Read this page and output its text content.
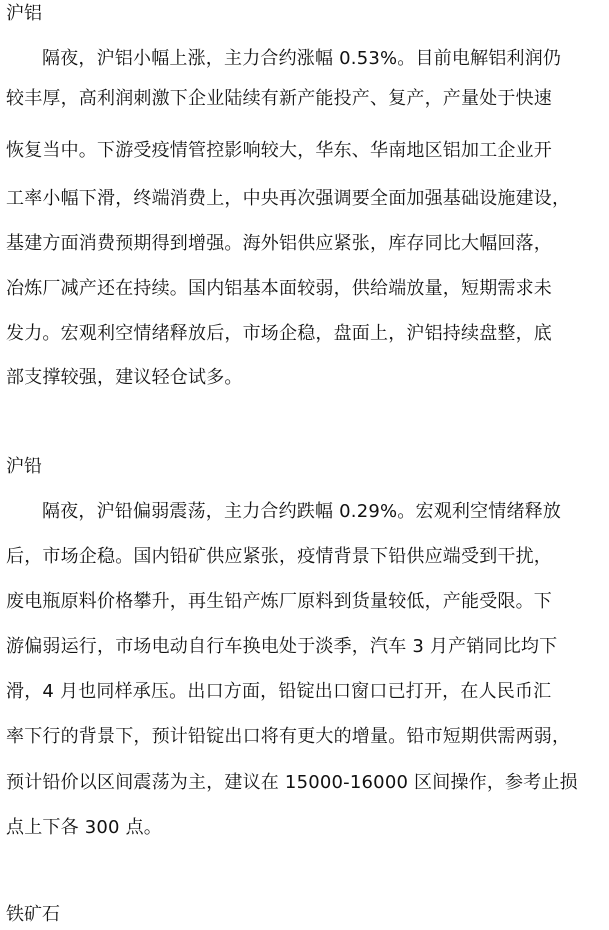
沪铝
隔夜，沪铝小幅上涨，主力合约涨幅 0.53%。目前电解铝利润仍
较丰厚，高利润刺激下企业陆续有新产能投产、复产，产量处于快速
恢复当中。下游受疫情管控影响较大，华东、华南地区铝加工企业开
工率小幅下滑，终端消费上，中央再次强调要全面加强基础设施建设，
基建方面消费预期得到增强。海外铝供应紧张，库存同比大幅回落，
冶炼厂减产还在持续。国内铝基本面较弱，供给端放量，短期需求未
发力。宏观利空情绪释放后，市场企稳，盘面上，沪铝持续盘整，底
部支撑较强，建议轻仓试多。
沪铅
隔夜，沪铅偏弱震荡，主力合约跌幅 0.29%。宏观利空情绪释放
后，市场企稳。国内铅矿供应紧张，疫情背景下铅供应端受到干扰，
废电瓶原料价格攀升，再生铅产炼厂原料到货量较低，产能受限。下
游偏弱运行，市场电动自行车换电处于淡季，汽车 3 月产销同比均下
滑，4 月也同样承压。出口方面，铅锭出口窗口已打开，在人民币汇
率下行的背景下，预计铅锭出口将有更大的增量。铅市短期供需两弱，
预计铅价以区间震荡为主，建议在 15000-16000 区间操作，参考止损
点上下各 300 点。
铁矿石
